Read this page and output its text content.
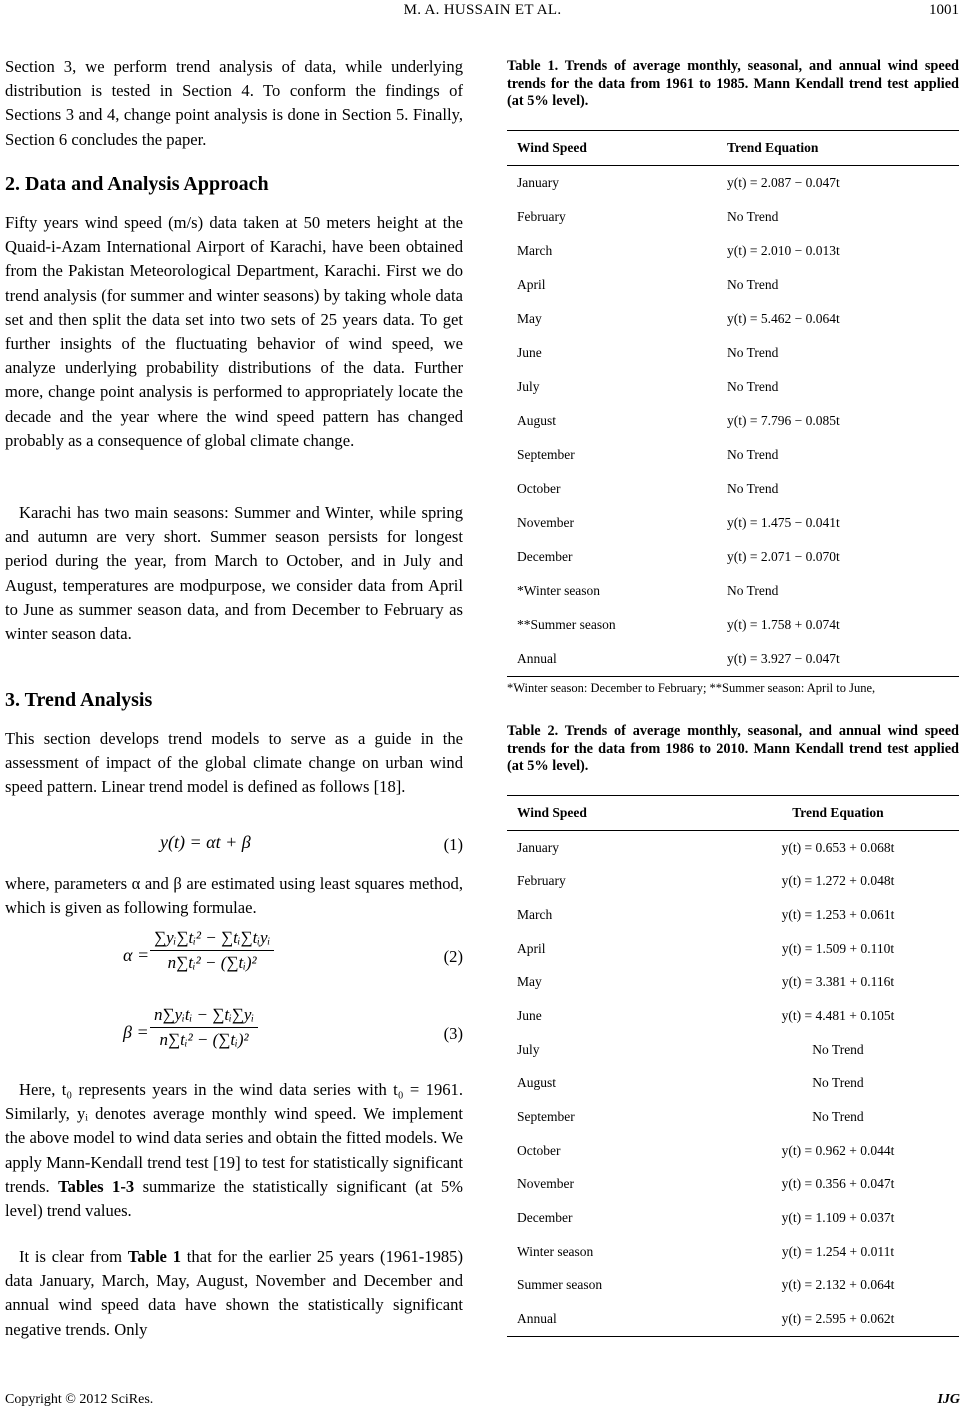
M. A. HUSSAIN ET AL.	1001

Section 3, we perform trend analysis of data, while underlying distribution is tested in Section 4. To conform the findings of Sections 3 and 4, change point analysis is done in Section 5. Finally, Section 6 concludes the paper.

2. Data and Analysis Approach

Fifty years wind speed (m/s) data taken at 50 meters height at the Quaid-i-Azam International Airport of Karachi, have been obtained from the Pakistan Meteorological Department, Karachi. First we do trend analysis (for summer and winter seasons) by taking whole data set and then split the data set into two sets of 25 years data. To get further insights of the fluctuating behavior of wind speed, we analyze underlying probability distributions of the data. Further more, change point analysis is performed to appropriately locate the decade and the year where the wind speed pattern has changed probably as a consequence of global climate change.

Karachi has two main seasons: Summer and Winter, while spring and autumn are very short. Summer season persists for longest period during the year, from March to October, and in July and August, temperatures are modpurpose, we consider data from April to June as summer season data, and from December to February as winter season data.

3. Trend Analysis

This section develops trend models to serve as a guide in the assessment of impact of the global climate change on urban wind speed pattern. Linear trend model is defined as follows [18].

y(t) = αt + β	(1)

where, parameters α and β are estimated using least squares method, which is given as following formulae.

α =
∑yᵢ∑tᵢ² − ∑tᵢ∑tᵢyᵢ
n∑tᵢ² − (∑tᵢ)²	(2)
β =
n∑yᵢtᵢ − ∑tᵢ∑yᵢ
n∑tᵢ² − (∑tᵢ)²	(3)

Here, t₀ represents years in the wind data series with t₀ = 1961. Similarly, yᵢ denotes average monthly wind speed. We implement the above model to wind data series and obtain the fitted models. We apply Mann-Kendall trend test [19] to test for statistically significant trends. Tables 1-3 summarize the statistically significant (at 5% level) trend values.

It is clear from Table 1 that for the earlier 25 years (1961-1985) data January, March, May, August, November and December and annual wind speed data have shown the statistically significant negative trends. Only

Table 1. Trends of average monthly, seasonal, and annual wind speed trends for the data from 1961 to 1985. Mann Kendall trend test applied (at 5% level).
Wind Speed	Trend Equation
January	y(t) = 2.087 − 0.047t
February	No Trend
March	y(t) = 2.010 − 0.013t
April	No Trend
May	y(t) = 5.462 − 0.064t
June	No Trend
July	No Trend
August	y(t) = 7.796 − 0.085t
September	No Trend
October	No Trend
November	y(t) = 1.475 − 0.041t
December	y(t) = 2.071 − 0.070t
*Winter season	No Trend
**Summer season	y(t) = 1.758 + 0.074t
Annual	y(t) = 3.927 − 0.047t
*Winter season: December to February; **Summer season: April to June,
Table 2. Trends of average monthly, seasonal, and annual wind speed trends for the data from 1986 to 2010. Mann Kendall trend test applied (at 5% level).
Wind Speed	Trend Equation
January	y(t) = 0.653 + 0.068t
February	y(t) = 1.272 + 0.048t
March	y(t) = 1.253 + 0.061t
April	y(t) = 1.509 + 0.110t
May	y(t) = 3.381 + 0.116t
June	y(t) = 4.481 + 0.105t
July	No Trend
August	No Trend
September	No Trend
October	y(t) = 0.962 + 0.044t
November	y(t) = 0.356 + 0.047t
December	y(t) = 1.109 + 0.037t
Winter season	y(t) = 1.254 + 0.011t
Summer season	y(t) = 2.132 + 0.064t
Annual	y(t) = 2.595 + 0.062t
Copyright © 2012 SciRes.	IJG
